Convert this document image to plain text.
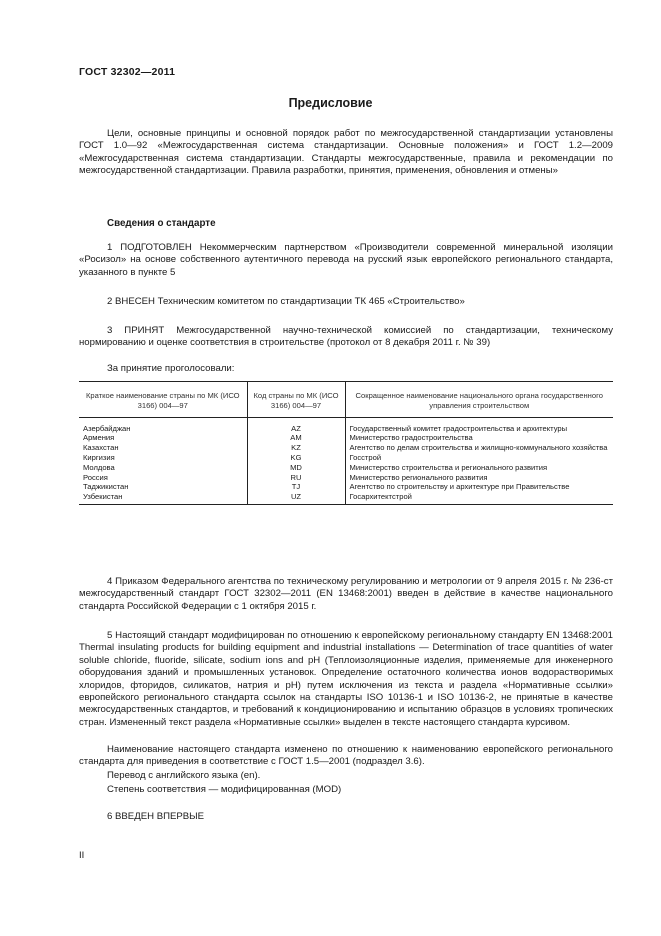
ГОСТ 32302—2011
Предисловие
Цели, основные принципы и основной порядок работ по межгосударственной стандартизации установлены ГОСТ 1.0—92 «Межгосударственная система стандартизации. Основные положения» и ГОСТ 1.2—2009 «Межгосударственная система стандартизации. Стандарты межгосударственные, правила и рекомендации по межгосударственной стандартизации. Правила разработки, принятия, применения, обновления и отмены»
Сведения о стандарте
1 ПОДГОТОВЛЕН Некоммерческим партнерством «Производители современной минеральной изоляции «Росизол» на основе собственного аутентичного перевода на русский язык европейского регионального стандарта, указанного в пункте 5
2 ВНЕСЕН Техническим комитетом по стандартизации ТК 465 «Строительство»
3 ПРИНЯТ Межгосударственной научно-технической комиссией по стандартизации, техническому нормированию и оценке соответствия в строительстве (протокол от 8 декабря 2011 г. № 39)
За принятие проголосовали:
Краткое наименование страны по МК (ИСО 3166) 004—97	Код страны по МК (ИСО 3166) 004—97	Сокращенное наименование национального органа государственного управления строительством
Азербайджан	AZ	Государственный комитет градостроительства и архитектуры
Армения	AM	Министерство градостроительства
Казахстан	KZ	Агентство по делам строительства и жилищно-коммунального хозяйства
Киргизия	KG	Госстрой
Молдова	MD	Министерство строительства и регионального развития
Россия	RU	Министерство регионального развития
Таджикистан	TJ	Агентство по строительству и архитектуре при Правительстве
Узбекистан	UZ	Госархитектстрой
4 Приказом Федерального агентства по техническому регулированию и метрологии от 9 апреля 2015 г. № 236-ст межгосударственный стандарт ГОСТ 32302—2011 (EN 13468:2001) введен в действие в качестве национального стандарта Российской Федерации с 1 октября 2015 г.
5 Настоящий стандарт модифицирован по отношению к европейскому региональному стандарту EN 13468:2001 Thermal insulating products for building equipment and industrial installations — Determination of trace quantities of water soluble chloride, fluoride, silicate, sodium ions and pH (Теплоизоляционные изделия, применяемые для инженерного оборудования зданий и промышленных установок. Определение остаточного количества ионов водорастворимых хлоридов, фторидов, силикатов, натрия и pH) путем исключения из текста и раздела «Нормативные ссылки» европейского регионального стандарта ссылок на стандарты ISO 10136-1 и ISO 10136-2, не принятые в качестве межгосударственных стандартов, и требований к кондиционированию и испытанию образцов в условиях тропических стран. Измененный текст раздела «Нормативные ссылки» выделен в тексте настоящего стандарта курсивом.
Наименование настоящего стандарта изменено по отношению к наименованию европейского регионального стандарта для приведения в соответствие с ГОСТ 1.5—2001 (подраздел 3.6).
Перевод с английского языка (en).
Степень соответствия — модифицированная (MOD)
6 ВВЕДЕН ВПЕРВЫЕ
II
